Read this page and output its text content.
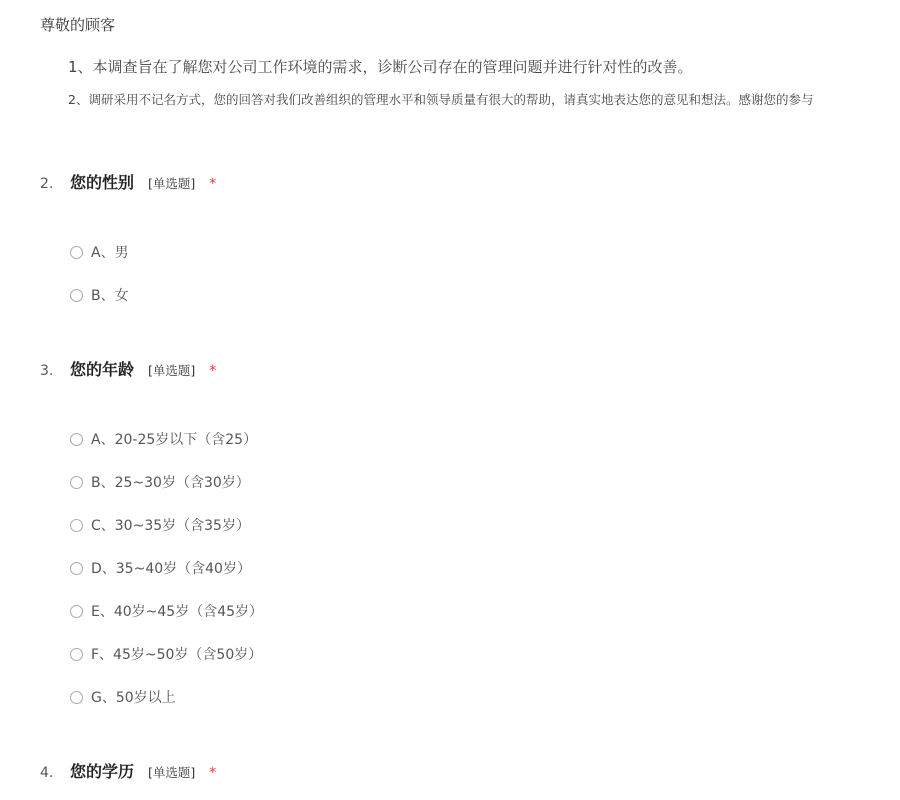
尊敬的顾客
1、本调查旨在了解您对公司工作环境的需求，诊断公司存在的管理问题并进行针对性的改善。
2、调研采用不记名方式，您的回答对我们改善组织的管理水平和领导质量有很大的帮助，请真实地表达您的意见和想法。感谢您的参与
2.	您的性别 [单选题] *
A、男
B、女
3.	您的年龄 [单选题] *
A、20-25岁以下（含25）
B、25~30岁（含30岁）
C、30~35岁（含35岁）
D、35~40岁（含40岁）
E、40岁~45岁（含45岁）
F、45岁~50岁（含50岁）
G、50岁以上
4.	您的学历 [单选题] *
